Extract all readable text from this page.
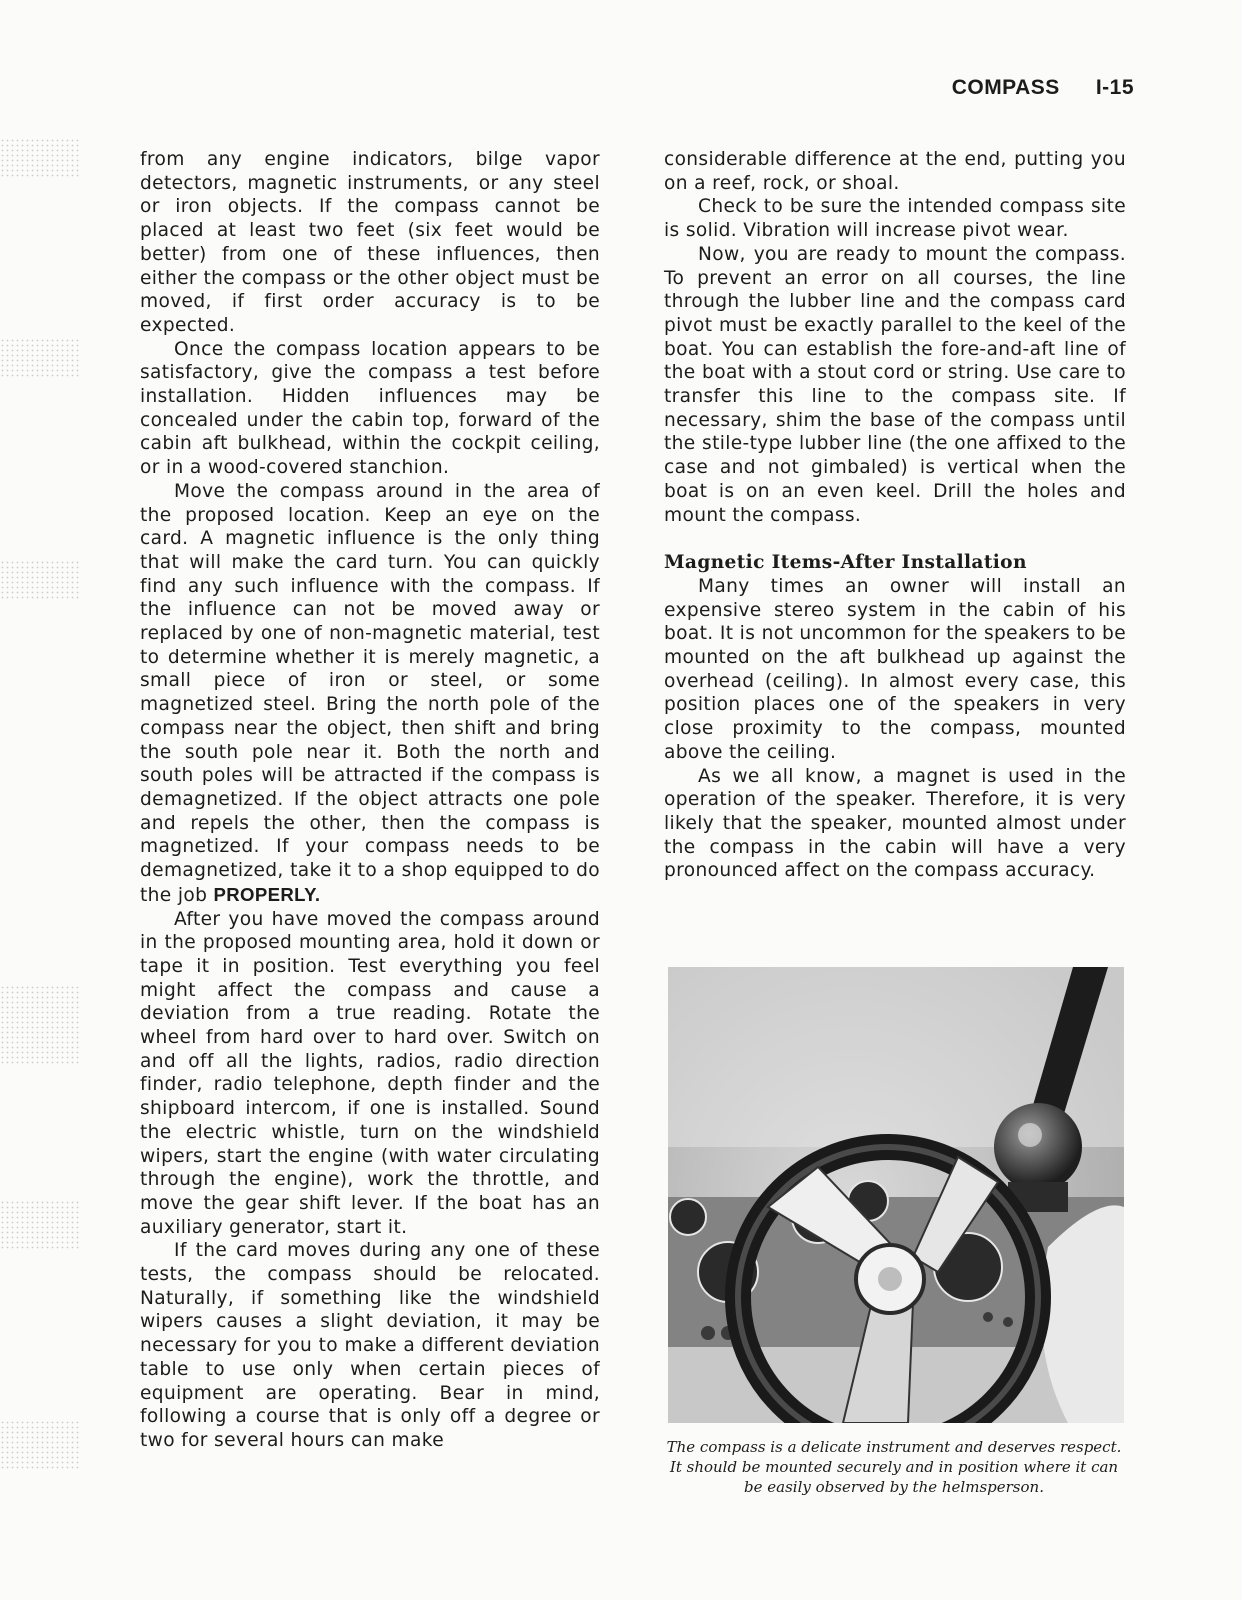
COMPASS I-15

from any engine indicators, bilge vapor detectors, magnetic instruments, or any steel or iron objects. If the compass cannot be placed at least two feet (six feet would be better) from one of these influences, then either the compass or the other object must be moved, if first order accuracy is to be expected.

Once the compass location appears to be satisfactory, give the compass a test before installation. Hidden influences may be concealed under the cabin top, forward of the cabin aft bulkhead, within the cockpit ceiling, or in a wood-covered stanchion.

Move the compass around in the area of the proposed location. Keep an eye on the card. A magnetic influence is the only thing that will make the card turn. You can quickly find any such influence with the compass. If the influence can not be moved away or replaced by one of non-magnetic material, test to determine whether it is merely magnetic, a small piece of iron or steel, or some magnetized steel. Bring the north pole of the compass near the object, then shift and bring the south pole near it. Both the north and south poles will be attracted if the compass is demagnetized. If the object attracts one pole and repels the other, then the compass is magnetized. If your compass needs to be demagnetized, take it to a shop equipped to do the job PROPERLY.

After you have moved the compass around in the proposed mounting area, hold it down or tape it in position. Test everything you feel might affect the compass and cause a deviation from a true reading. Rotate the wheel from hard over to hard over. Switch on and off all the lights, radios, radio direction finder, radio telephone, depth finder and the shipboard intercom, if one is installed. Sound the electric whistle, turn on the windshield wipers, start the engine (with water circulating through the engine), work the throttle, and move the gear shift lever. If the boat has an auxiliary generator, start it.

If the card moves during any one of these tests, the compass should be relocated. Naturally, if something like the windshield wipers causes a slight deviation, it may be necessary for you to make a different deviation table to use only when certain pieces of equipment are operating. Bear in mind, following a course that is only off a degree or two for several hours can make

considerable difference at the end, putting you on a reef, rock, or shoal.

Check to be sure the intended compass site is solid. Vibration will increase pivot wear.

Now, you are ready to mount the compass. To prevent an error on all courses, the line through the lubber line and the compass card pivot must be exactly parallel to the keel of the boat. You can establish the fore-and-aft line of the boat with a stout cord or string. Use care to transfer this line to the compass site. If necessary, shim the base of the compass until the stile-type lubber line (the one affixed to the case and not gimbaled) is vertical when the boat is on an even keel. Drill the holes and mount the compass.

Magnetic Items-After Installation

Many times an owner will install an expensive stereo system in the cabin of his boat. It is not uncommon for the speakers to be mounted on the aft bulkhead up against the overhead (ceiling). In almost every case, this position places one of the speakers in very close proximity to the compass, mounted above the ceiling.

As we all know, a magnet is used in the operation of the speaker. Therefore, it is very likely that the speaker, mounted almost under the compass in the cabin will have a very pronounced affect on the compass accuracy.

The compass is a delicate instrument and deserves respect. It should be mounted securely and in position where it can be easily observed by the helmsperson.
